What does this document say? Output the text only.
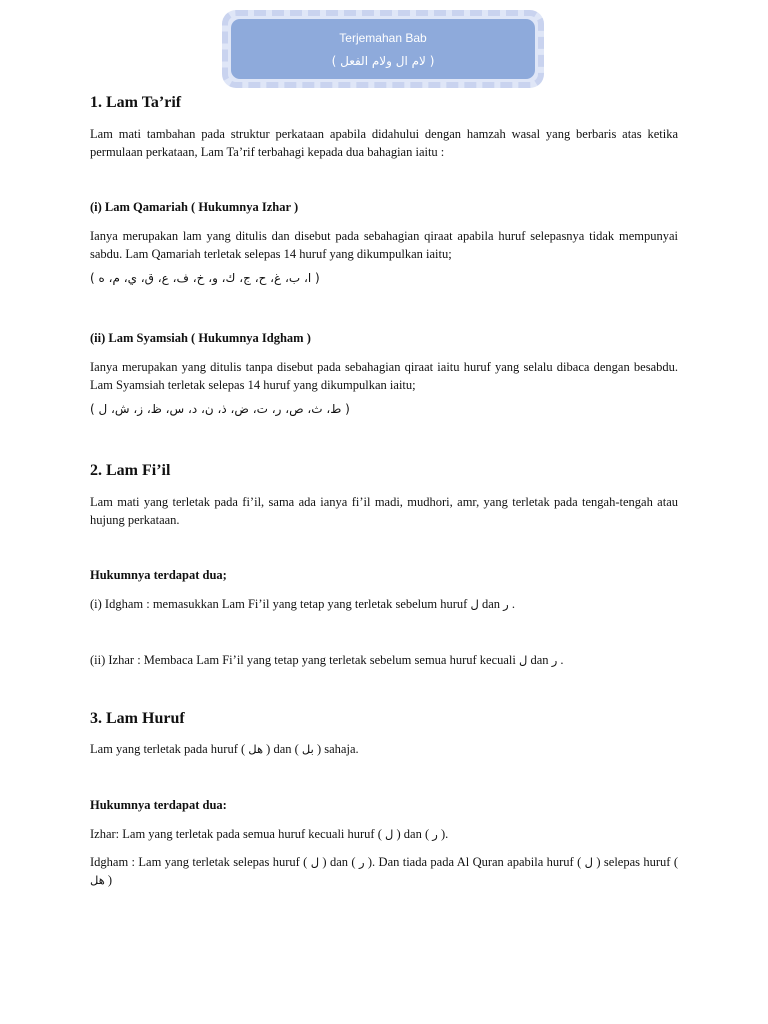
Terjemahan Bab
( لام ال ولام الفعل )
1. Lam Ta’rif
Lam mati tambahan pada struktur perkataan apabila didahului dengan hamzah wasal yang berbaris atas ketika permulaan perkataan, Lam Ta’rif terbahagi kepada dua bahagian iaitu :
(i) Lam Qamariah ( Hukumnya Izhar )
Ianya merupakan lam yang ditulis dan disebut pada sebahagian qiraat apabila huruf selepasnya tidak mempunyai sabdu. Lam Qamariah terletak selepas 14 huruf yang dikumpulkan iaitu;
( ا، ب، غ، ح، ج، ك، و، خ، ف، ع، ق، ي، م، ه )
(ii) Lam Syamsiah ( Hukumnya Idgham )
Ianya merupakan yang ditulis tanpa disebut pada sebahagian qiraat iaitu huruf yang selalu dibaca dengan besabdu. Lam Syamsiah terletak selepas 14 huruf yang dikumpulkan iaitu;
( ط، ث، ص، ر، ت، ض، ذ، ن، د، س، ظ، ز، ش، ل )
2. Lam Fi’il
Lam mati yang terletak pada fi’il, sama ada ianya fi’il madi, mudhori, amr, yang terletak pada tengah-tengah atau hujung perkataan.
Hukumnya terdapat dua;
(i) Idgham : memasukkan Lam Fi’il yang tetap yang terletak sebelum huruf ل dan ر .
(ii) Izhar : Membaca Lam Fi’il yang tetap yang terletak sebelum semua huruf kecuali ل dan ر .
3. Lam Huruf
Lam yang terletak pada huruf ( هل ) dan ( بل ) sahaja.
Hukumnya terdapat dua:
Izhar: Lam yang terletak pada semua huruf kecuali huruf ( ل ) dan ( ر ).
Idgham : Lam yang terletak selepas huruf ( ل ) dan ( ر ). Dan tiada pada Al Quran apabila huruf ( ل ) selepas huruf ( هل )
